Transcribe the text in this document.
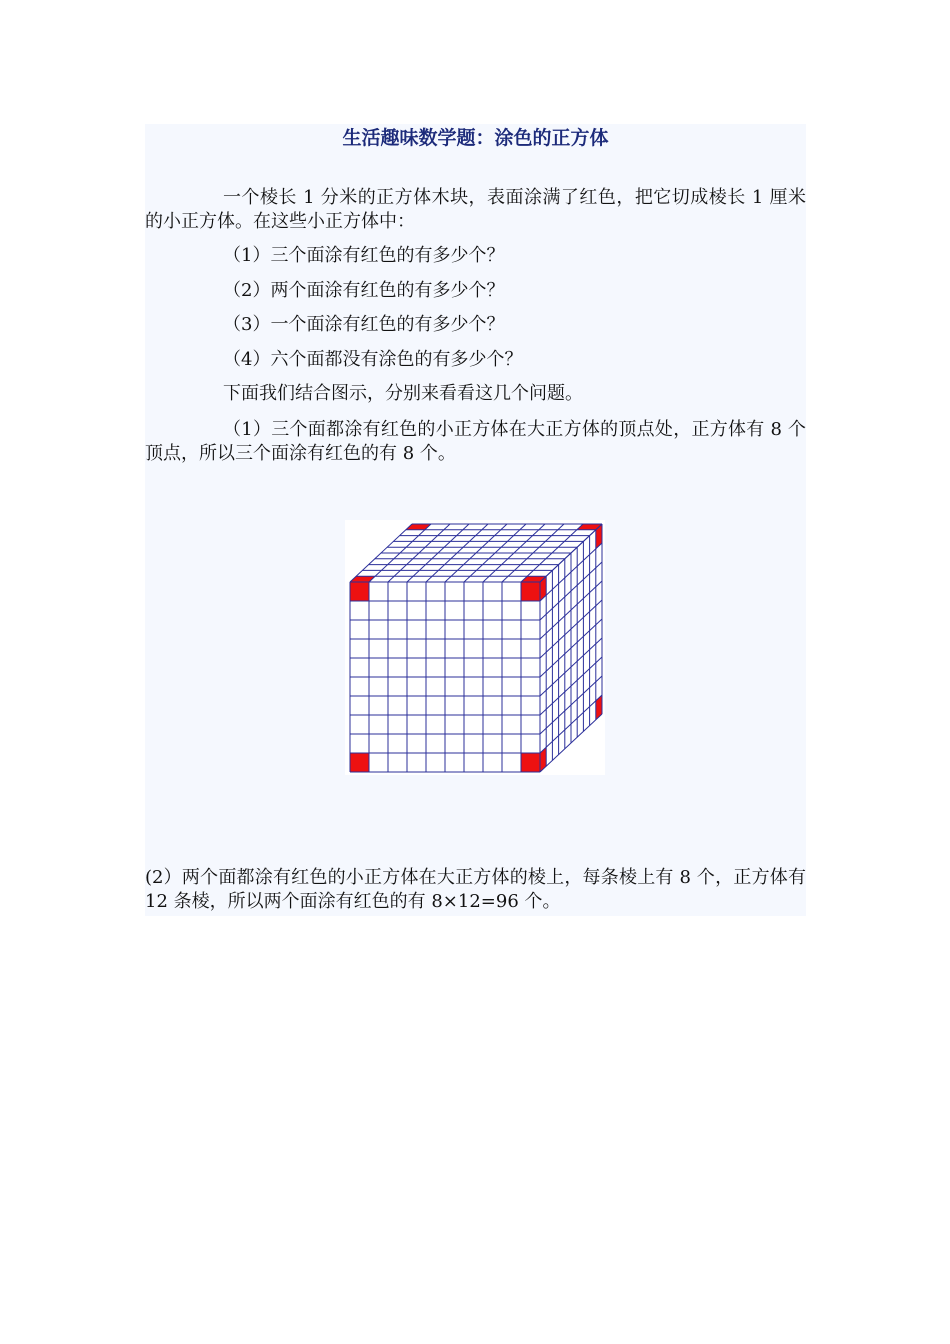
生活趣味数学题：涂色的正方体

一个棱长 1 分米的正方体木块，表面涂满了红色，把它切成棱长 1 厘米的小正方体。在这些小正方体中：

（1）三个面涂有红色的有多少个？

（2）两个面涂有红色的有多少个？

（3）一个面涂有红色的有多少个？

（4）六个面都没有涂色的有多少个？

下面我们结合图示，分别来看看这几个问题。

（1）三个面都涂有红色的小正方体在大正方体的顶点处，正方体有 8 个顶点，所以三个面涂有红色的有 8 个。

(2）两个面都涂有红色的小正方体在大正方体的棱上，每条棱上有 8 个，正方体有 12 条棱，所以两个面涂有红色的有 8×12=96 个。
